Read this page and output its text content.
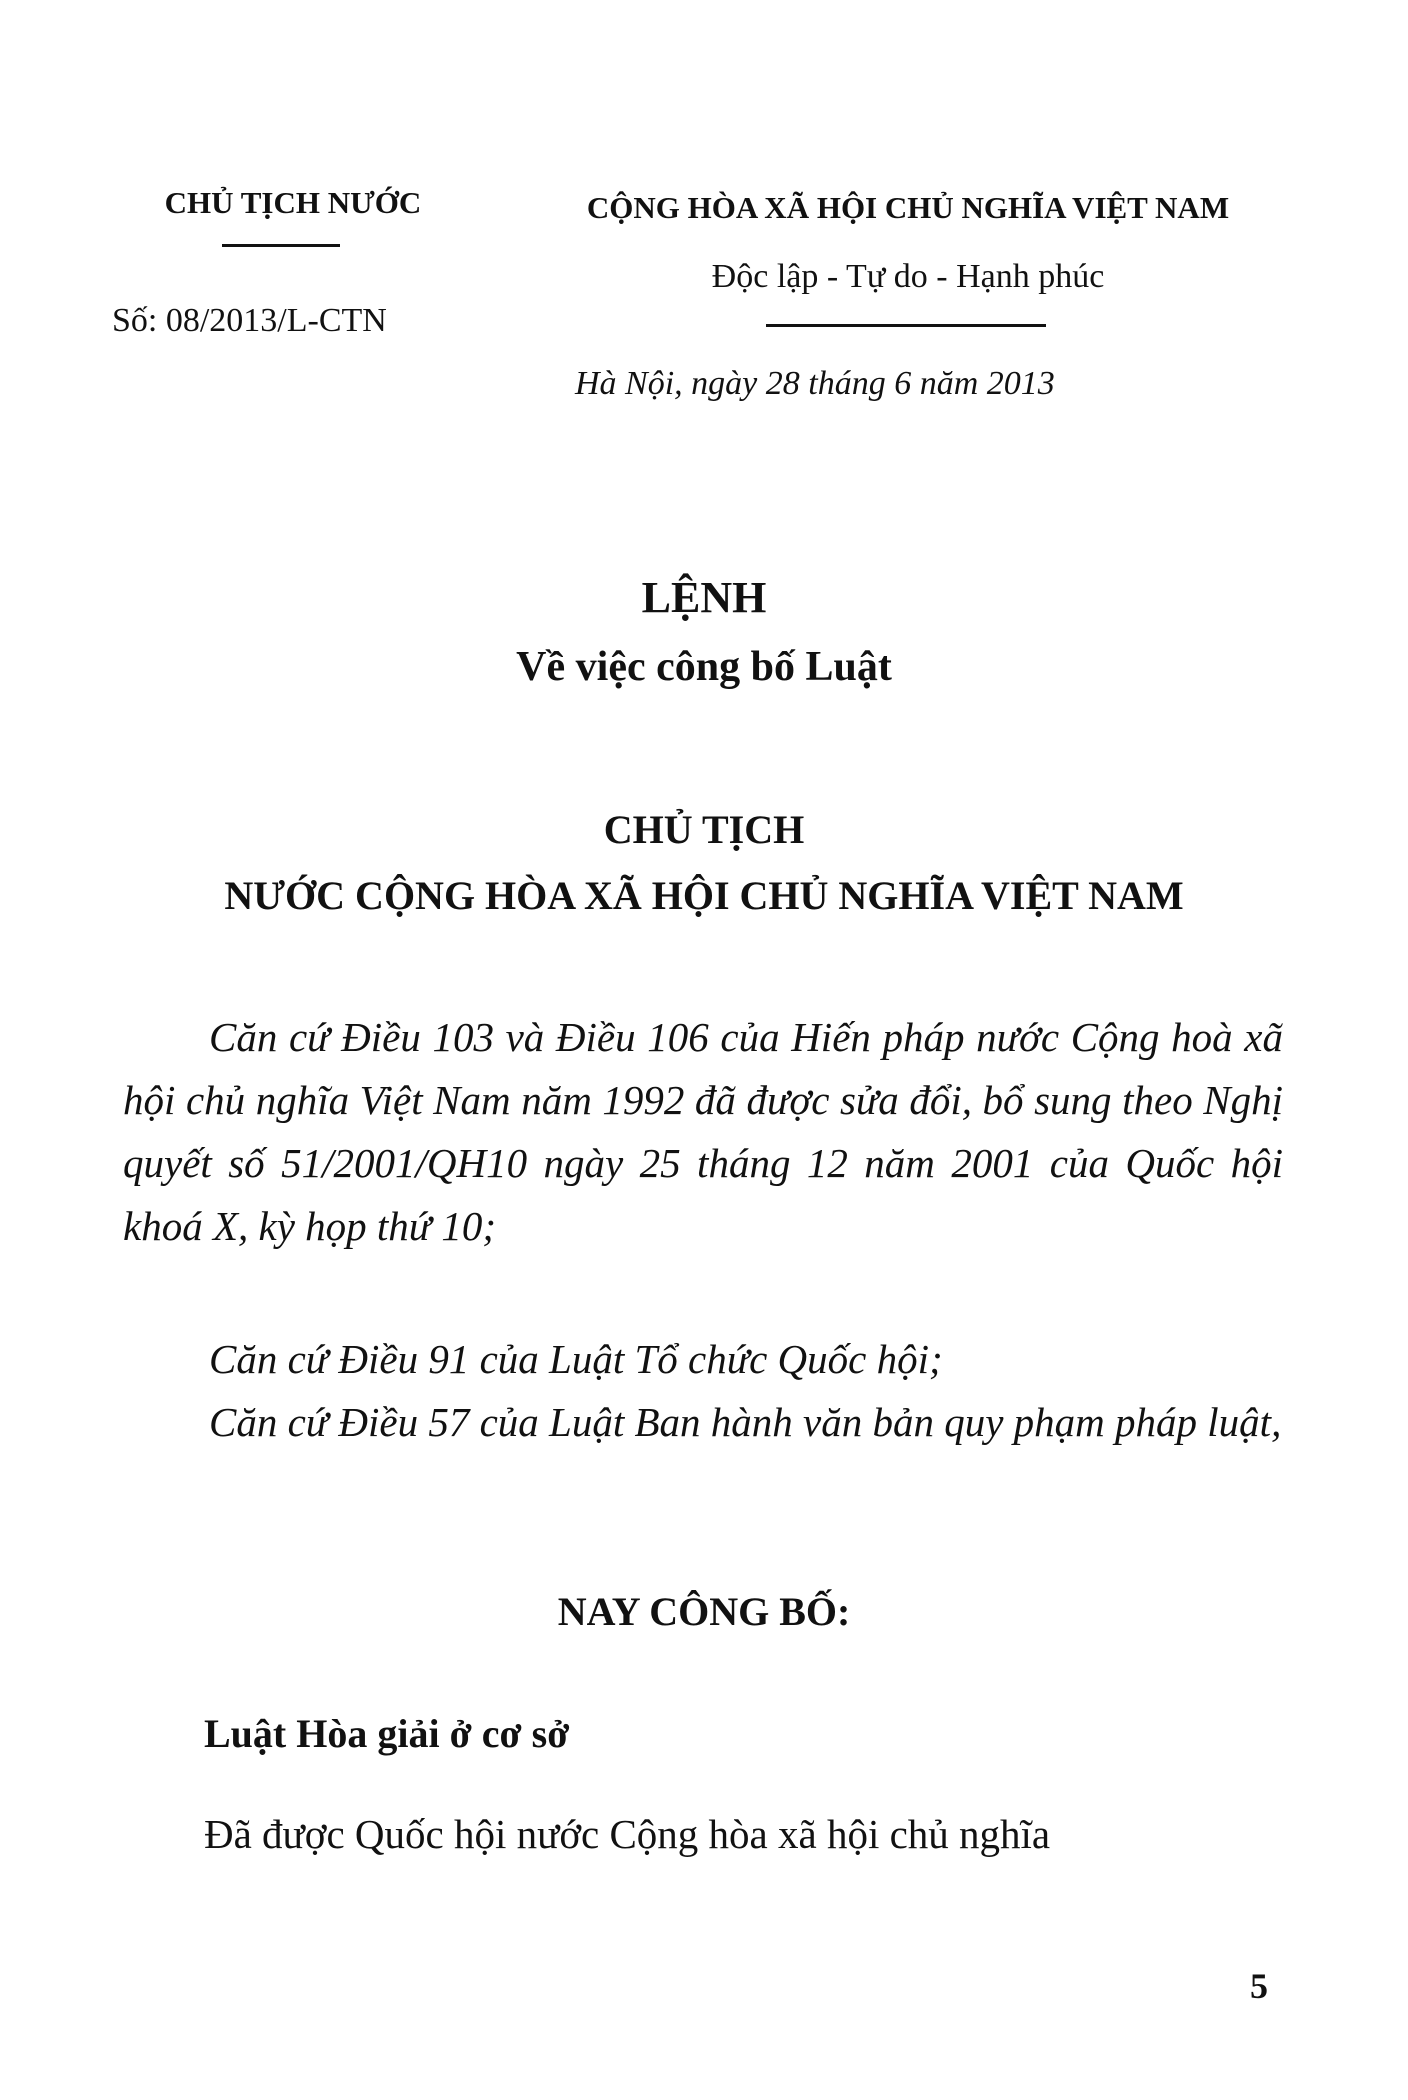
CHỦ TỊCH NƯỚC
Số: 08/2013/L-CTN
CỘNG HÒA XÃ HỘI CHỦ NGHĨA VIỆT NAM
Độc lập - Tự do - Hạnh phúc
Hà Nội, ngày 28 tháng 6 năm 2013
LỆNH
Về việc công bố Luật
CHỦ TỊCH
NƯỚC CỘNG HÒA XÃ HỘI CHỦ NGHĨA VIỆT NAM
Căn cứ Điều 103 và Điều 106 của Hiến pháp nước Cộng hoà xã hội chủ nghĩa Việt Nam năm 1992 đã được sửa đổi, bổ sung theo Nghị quyết số 51/2001/QH10 ngày 25 tháng 12 năm 2001 của Quốc hội khoá X, kỳ họp thứ 10;
Căn cứ Điều 91 của Luật Tổ chức Quốc hội;
Căn cứ Điều 57 của Luật Ban hành văn bản quy phạm pháp luật,
NAY CÔNG BỐ:
Luật Hòa giải ở cơ sở
Đã được Quốc hội nước Cộng hòa xã hội chủ nghĩa
5
